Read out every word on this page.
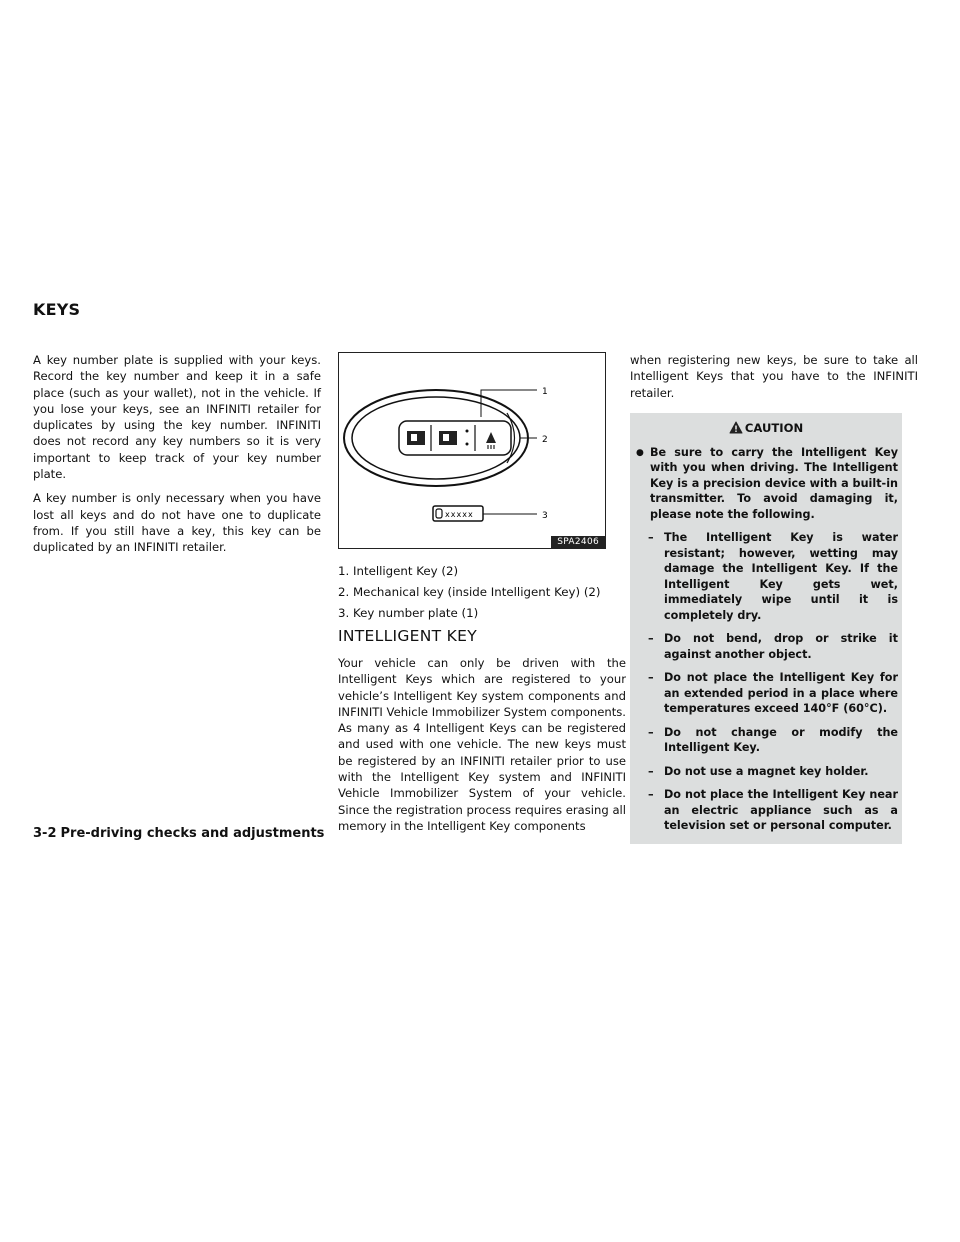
KEYS

A key number plate is supplied with your keys. Record the key number and keep it in a safe place (such as your wallet), not in the vehicle. If you lose your keys, see an INFINITI retailer for duplicates by using the key number. INFINITI does not record any key numbers so it is very important to keep track of your key number plate.

A key number is only necessary when you have lost all keys and do not have one to duplicate from. If you still have a key, this key can be duplicated by an INFINITI retailer.

xxxxx
1
2
3
SPA2406
1. Intelligent Key (2)
2. Mechanical key (inside Intelligent Key) (2)
3. Key number plate (1)
INTELLIGENT KEY

Your vehicle can only be driven with the Intelligent Keys which are registered to your vehicle’s Intelligent Key system components and INFINITI Vehicle Immobilizer System components. As many as 4 Intelligent Keys can be registered and used with one vehicle. The new keys must be registered by an INFINITI retailer prior to use with the Intelligent Key system and INFINITI Vehicle Immobilizer System of your vehicle. Since the registration process requires erasing all memory in the Intelligent Key components

when registering new keys, be sure to take all Intelligent Keys that you have to the INFINITI retailer.

CAUTION
● Be sure to carry the Intelligent Key with you when driving. The Intelligent Key is a precision device with a built-in transmitter. To avoid damaging it, please note the following.

– The Intelligent Key is water resistant; however, wetting may damage the Intelligent Key. If the Intelligent Key gets wet, immediately wipe until it is completely dry.
– Do not bend, drop or strike it against another object.
– Do not place the Intelligent Key for an extended period in a place where temperatures exceed 140°F (60°C).
– Do not change or modify the Intelligent Key.
– Do not use a magnet key holder.
– Do not place the Intelligent Key near an electric appliance such as a television set or personal computer.
3-2 Pre-driving checks and adjustments
